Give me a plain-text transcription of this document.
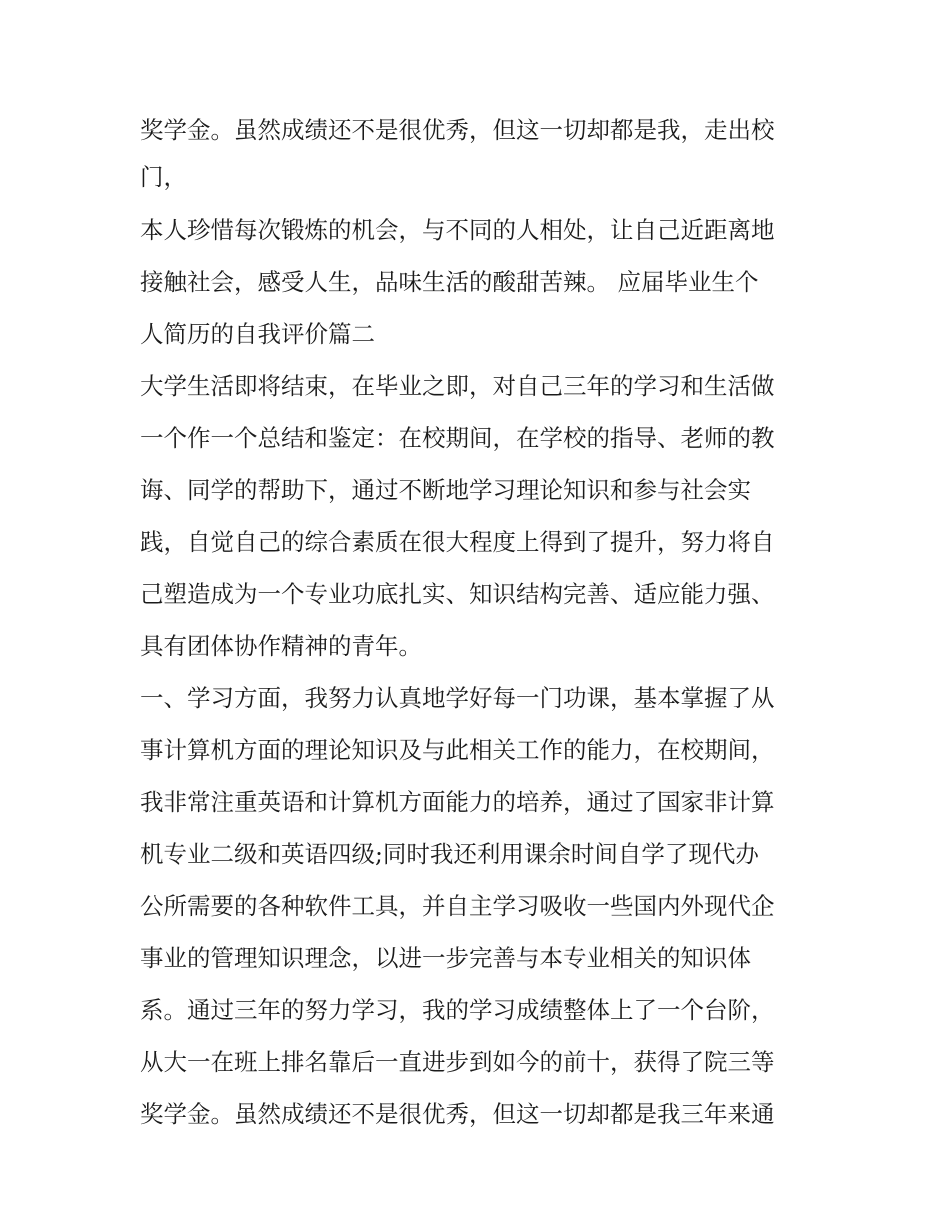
奖学金。虽然成绩还不是很优秀，但这一切却都是我，走出校
门，
本人珍惜每次锻炼的机会，与不同的人相处，让自己近距离地
接触社会，感受人生，品味生活的酸甜苦辣。 应届毕业生个
人简历的自我评价篇二
大学生活即将结束，在毕业之即，对自己三年的学习和生活做
一个作一个总结和鉴定：在校期间，在学校的指导、老师的教
诲、同学的帮助下，通过不断地学习理论知识和参与社会实
践，自觉自己的综合素质在很大程度上得到了提升，努力将自
己塑造成为一个专业功底扎实、知识结构完善、适应能力强、
具有团体协作精神的青年。
一、学习方面，我努力认真地学好每一门功课，基本掌握了从
事计算机方面的理论知识及与此相关工作的能力，在校期间，
我非常注重英语和计算机方面能力的培养，通过了国家非计算
机专业二级和英语四级;同时我还利用课余时间自学了现代办
公所需要的各种软件工具，并自主学习吸收一些国内外现代企
事业的管理知识理念，以进一步完善与本专业相关的知识体
系。通过三年的努力学习，我的学习成绩整体上了一个台阶，
从大一在班上排名靠后一直进步到如今的前十，获得了院三等
奖学金。虽然成绩还不是很优秀，但这一切却都是我三年来通
